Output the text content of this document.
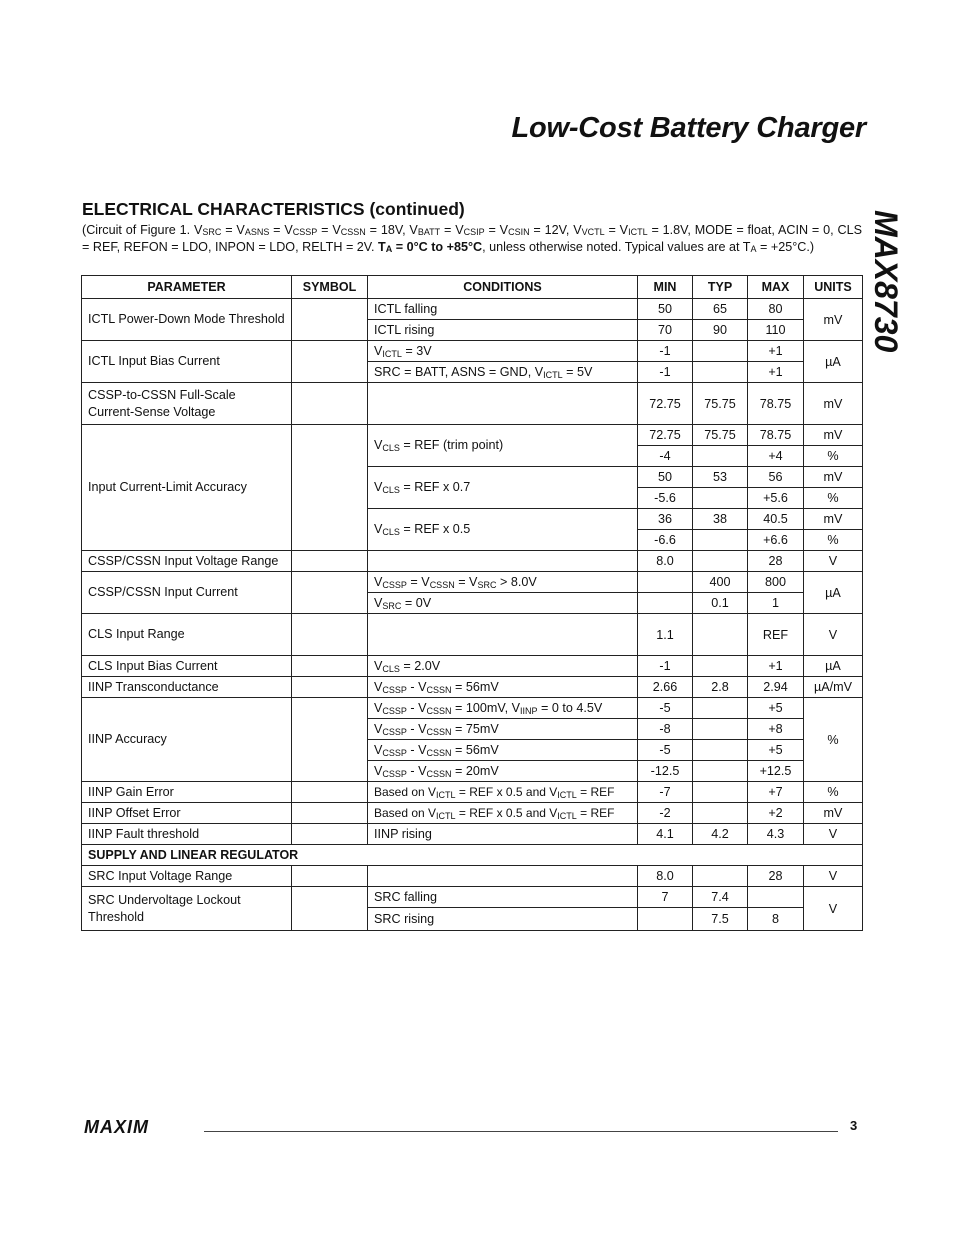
Low-Cost Battery Charger
MAX8730
ELECTRICAL CHARACTERISTICS (continued)
(Circuit of Figure 1. $V_{SRC} = V_{ASNS} = V_{CSSP} = V_{CSSN} = 18V$, $V_{BATT} = V_{CSIP} = V_{CSIN} = 12V$, $V_{VCTL} = V_{ICTL} = 1.8V$, MODE = float, ACIN = 0, CLS = REF, REFON = LDO, INPON = LDO, RELTH = 2V. $T_A = 0^\circ C$ to +85°C, unless otherwise noted. Typical values are at $T_A = +25^\circ C$.)
PARAMETER	SYMBOL	CONDITIONS	MIN	TYP	MAX	UNITS
ICTL Power-Down Mode Threshold		ICTL falling	50	65	80	mV
		ICTL rising	70	90	110	
ICTL Input Bias Current		$V_{ICTL} = 3V$	-1		+1	µA
		SRC = BATT, ASNS = GND, $V_{ICTL} = 5V$	-1		+1	
CSSP-to-CSSN Full-Scale Current-Sense Voltage			72.75	75.75	78.75	mV
Input Current-Limit Accuracy		$V_{CLS}$ = REF (trim point)	72.75	75.75	78.75	mV
			-4		+4	%
		$V_{CLS}$ = REF x 0.7	50	53	56	mV
			-5.6		+5.6	%
		$V_{CLS}$ = REF x 0.5	36	38	40.5	mV
			-6.6		+6.6	%
CSSP/CSSN Input Voltage Range			8.0		28	V
CSSP/CSSN Input Current		$V_{CSSP} = V_{CSSN} = V_{SRC} > 8.0V$		400	800	µA
		$V_{SRC} = 0V$		0.1	1	
CLS Input Range			1.1		REF	V
CLS Input Bias Current		$V_{CLS} = 2.0V$	-1		+1	µA
IINP Transconductance		$V_{CSSP} - V_{CSSN} = 56mV$	2.66	2.8	2.94	µA/mV
IINP Accuracy		$V_{CSSP} - V_{CSSN} = 100mV$, $V_{IINP} = 0$ to 4.5V	-5		+5	%
		$V_{CSSP} - V_{CSSN} = 75mV$	-8		+8	
		$V_{CSSP} - V_{CSSN} = 56mV$	-5		+5	
		$V_{CSSP} - V_{CSSN} = 20mV$	-12.5		+12.5	
IINP Gain Error		Based on $V_{ICTL}$ = REF x 0.5 and $V_{ICTL}$ = REF	-7		+7	%
IINP Offset Error		Based on $V_{ICTL}$ = REF x 0.5 and $V_{ICTL}$ = REF	-2		+2	mV
IINP Fault threshold		IINP rising	4.1	4.2	4.3	V
SUPPLY AND LINEAR REGULATOR						
SRC Input Voltage Range			8.0		28	V
SRC Undervoltage Lockout Threshold		SRC falling	7	7.4		V
		SRC rising		7.5	8	
MAXIM	3
